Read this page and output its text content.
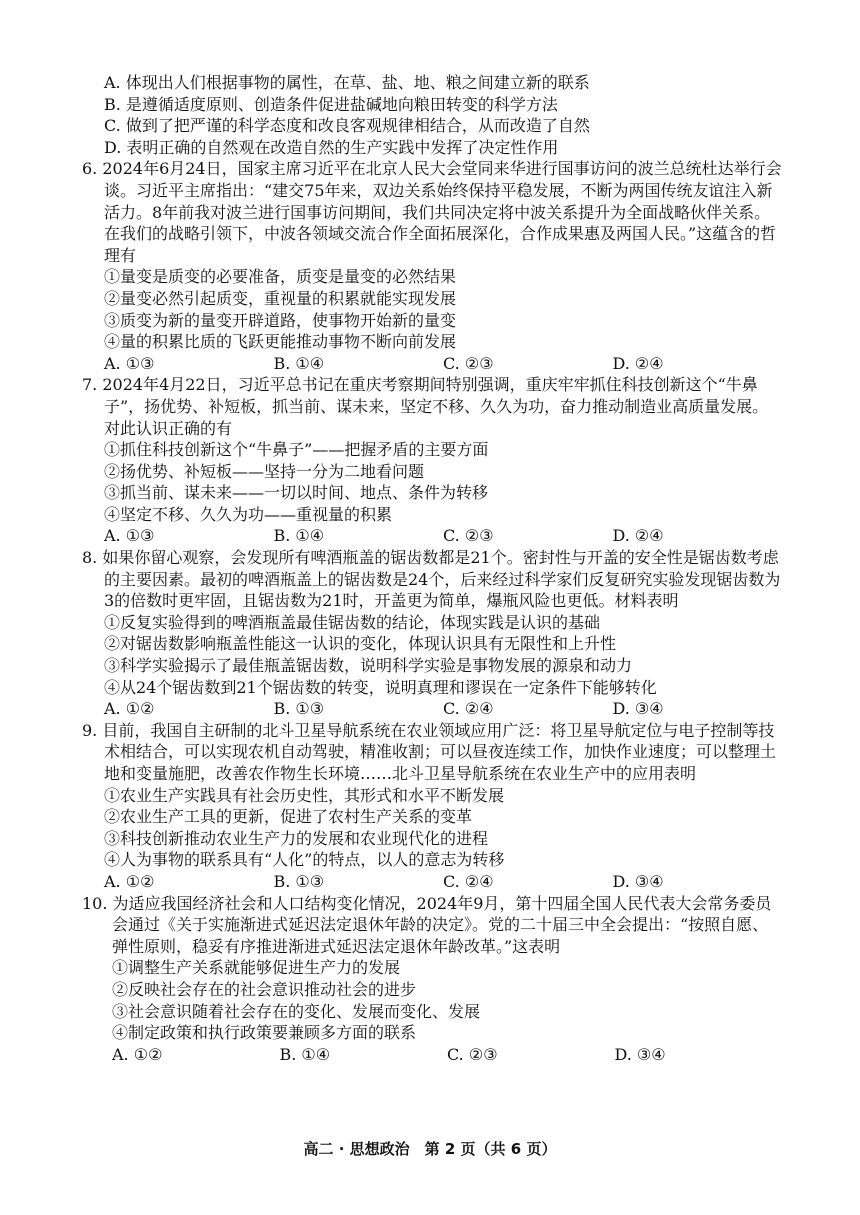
A. 体现出人们根据事物的属性，在草、盐、地、粮之间建立新的联系
B. 是遵循适度原则、创造条件促进盐碱地向粮田转变的科学方法
C. 做到了把严谨的科学态度和改良客观规律相结合，从而改造了自然
D. 表明正确的自然观在改造自然的生产实践中发挥了决定性作用
6. 2024年6月24日，国家主席习近平在北京人民大会堂同来华进行国事访问的波兰总统杜达举行会谈。习近平主席指出：“建交75年来，双边关系始终保持平稳发展，不断为两国传统友谊注入新活力。8年前我对波兰进行国事访问期间，我们共同决定将中波关系提升为全面战略伙伴关系。在我们的战略引领下，中波各领域交流合作全面拓展深化，合作成果惠及两国人民。”这蕴含的哲理有
①量变是质变的必要准备，质变是量变的必然结果
②量变必然引起质变，重视量的积累就能实现发展
③质变为新的量变开辟道路，使事物开始新的量变
④量的积累比质的飞跃更能推动事物不断向前发展
A. ①③	B. ①④	C. ②③	D. ②④
7. 2024年4月22日，习近平总书记在重庆考察期间特别强调，重庆牢牢抓住科技创新这个“牛鼻子”，扬优势、补短板，抓当前、谋未来，坚定不移、久久为功，奋力推动制造业高质量发展。对此认识正确的有
①抓住科技创新这个“牛鼻子”——把握矛盾的主要方面
②扬优势、补短板——坚持一分为二地看问题
③抓当前、谋未来——一切以时间、地点、条件为转移
④坚定不移、久久为功——重视量的积累
A. ①③	B. ①④	C. ②③	D. ②④
8. 如果你留心观察，会发现所有啤酒瓶盖的锯齿数都是21个。密封性与开盖的安全性是锯齿数考虑的主要因素。最初的啤酒瓶盖上的锯齿数是24个，后来经过科学家们反复研究实验发现锯齿数为3的倍数时更牢固，且锯齿数为21时，开盖更为简单，爆瓶风险也更低。材料表明
①反复实验得到的啤酒瓶盖最佳锯齿数的结论，体现实践是认识的基础
②对锯齿数影响瓶盖性能这一认识的变化，体现认识具有无限性和上升性
③科学实验揭示了最佳瓶盖锯齿数，说明科学实验是事物发展的源泉和动力
④从24个锯齿数到21个锯齿数的转变，说明真理和谬误在一定条件下能够转化
A. ①②	B. ①③	C. ②④	D. ③④
9. 目前，我国自主研制的北斗卫星导航系统在农业领域应用广泛：将卫星导航定位与电子控制等技术相结合，可以实现农机自动驾驶，精准收割；可以昼夜连续工作，加快作业速度；可以整理土地和变量施肥，改善农作物生长环境……北斗卫星导航系统在农业生产中的应用表明
①农业生产实践具有社会历史性，其形式和水平不断发展
②农业生产工具的更新，促进了农村生产关系的变革
③科技创新推动农业生产力的发展和农业现代化的进程
④人为事物的联系具有“人化”的特点，以人的意志为转移
A. ①②	B. ①③	C. ②④	D. ③④
10. 为适应我国经济社会和人口结构变化情况，2024年9月，第十四届全国人民代表大会常务委员会通过《关于实施渐进式延迟法定退休年龄的决定》。党的二十届三中全会提出：“按照自愿、弹性原则，稳妥有序推进渐进式延迟法定退休年龄改革。”这表明
①调整生产关系就能够促进生产力的发展
②反映社会存在的社会意识推动社会的进步
③社会意识随着社会存在的变化、发展而变化、发展
④制定政策和执行政策要兼顾多方面的联系
A. ①②	B. ①④	C. ②③	D. ③④
高二 · 思想政治　第 2 页（共 6 页）
